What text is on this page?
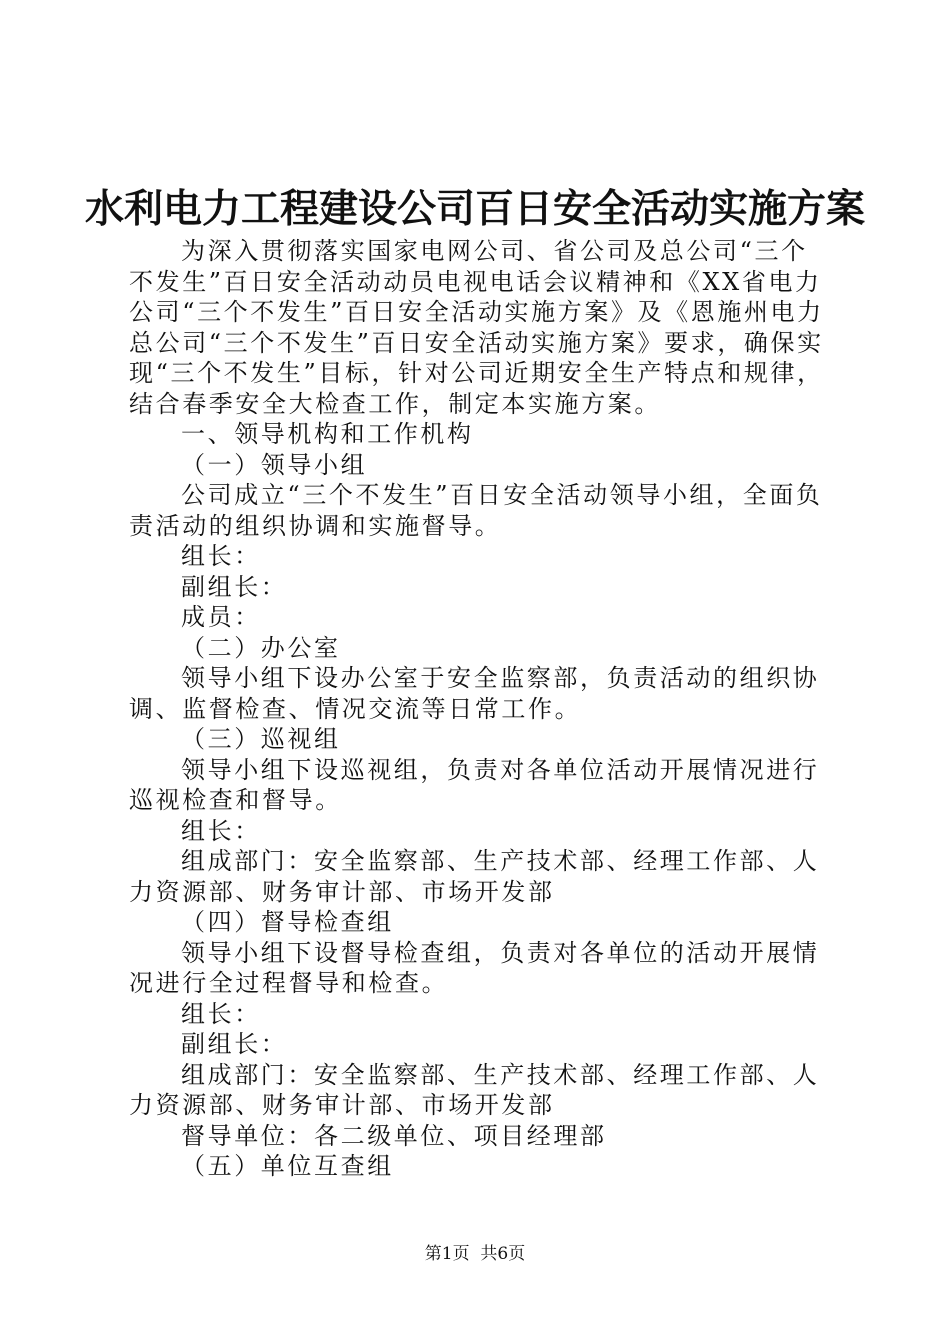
水利电力工程建设公司百日安全活动实施方案

为深入贯彻落实国家电网公司、省公司及总公司“三个不发生”百日安全活动动员电视电话会议精神和《XX省电力公司“三个不发生”百日安全活动实施方案》及《恩施州电力总公司“三个不发生”百日安全活动实施方案》要求，确保实现“三个不发生”目标，针对公司近期安全生产特点和规律，结合春季安全大检查工作，制定本实施方案。

一、领导机构和工作机构

（一）领导小组

公司成立“三个不发生”百日安全活动领导小组，全面负责活动的组织协调和实施督导。

组长：

副组长：

成员：

（二）办公室

领导小组下设办公室于安全监察部，负责活动的组织协调、监督检查、情况交流等日常工作。

（三）巡视组

领导小组下设巡视组，负责对各单位活动开展情况进行巡视检查和督导。

组长：

组成部门：安全监察部、生产技术部、经理工作部、人力资源部、财务审计部、市场开发部

（四）督导检查组

领导小组下设督导检查组，负责对各单位的活动开展情况进行全过程督导和检查。

组长：

副组长：

组成部门：安全监察部、生产技术部、经理工作部、人力资源部、财务审计部、市场开发部

督导单位：各二级单位、项目经理部

（五）单位互查组

第1页  共6页
